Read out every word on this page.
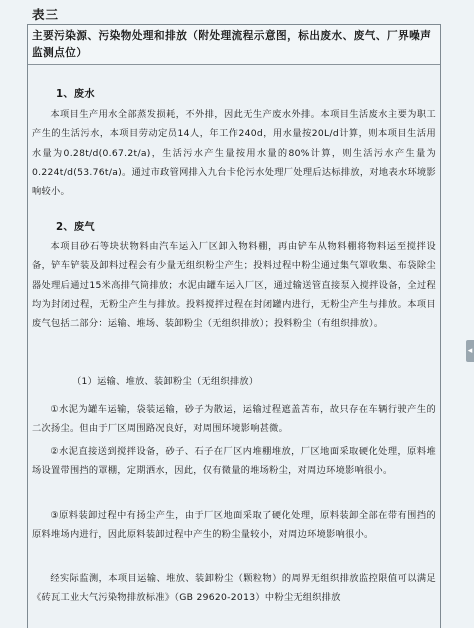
表三
主要污染源、污染物处理和排放（附处理流程示意图，标出废水、废气、厂界噪声监测点位）
1、废水
本项目生产用水全部蒸发损耗，不外排，因此无生产废水外排。本项目生活废水主要为职工产生的生活污水，本项目劳动定员14人，年工作240d，用水量按20L/d计算，则本项目生活用水量为0.28t/d(0.67.2t/a)，生活污水产生量按用水量的80%计算，则生活污水产生量为0.224t/d(53.76t/a)。通过市政管网排入九台卡伦污水处理厂处理后达标排放，对地表水环境影响较小。
2、废气
本项目砂石等块状物料由汽车运入厂区卸入物料棚，再由铲车从物料棚将物料运至搅拌设备，铲车铲装及卸料过程会有少量无组织粉尘产生；投料过程中粉尘通过集气罩收集、布袋除尘器处理后通过15米高排气筒排放；水泥由罐车运入厂区，通过输送管直接泵入搅拌设备，全过程均为封闭过程，无粉尘产生与排放。投料搅拌过程在封闭罐内进行，无粉尘产生与排放。本项目废气包括二部分：运输、堆场、装卸粉尘（无组织排放）；投料粉尘（有组织排放）。
（1）运输、堆放、装卸粉尘（无组织排放）
①水泥为罐车运输，袋装运输，砂子为散运，运输过程遮盖苫布，故只存在车辆行驶产生的二次扬尘。但由于厂区周围路况良好，对周围环境影响甚微。
②水泥直接送到搅拌设备，砂子、石子在厂区内堆棚堆放，厂区地面采取硬化处理，原料堆场设置带围挡的罩棚，定期洒水，因此，仅有微量的堆场粉尘，对周边环境影响很小。
③原料装卸过程中有扬尘产生，由于厂区地面采取了硬化处理，原料装卸全部在带有围挡的原料堆场内进行，因此原料装卸过程中产生的粉尘量较小，对周边环境影响很小。
经实际监测，本项目运输、堆放、装卸粉尘（颗粒物）的周界无组织排放监控限值可以满足《砖瓦工业大气污染物排放标准》（GB 29620-2013）中粉尘无组织排放
◂
